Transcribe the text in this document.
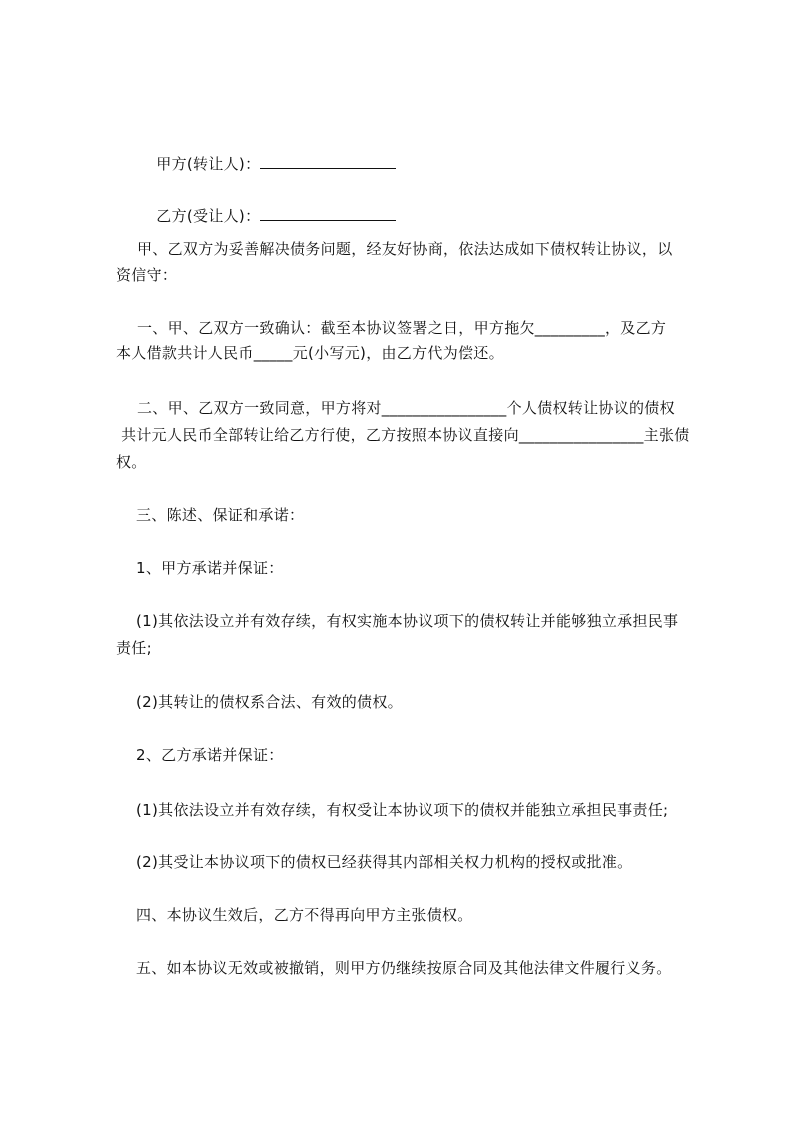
甲方(转让人)：

乙方(受让人)：

甲、乙双方为妥善解决债务问题，经友好协商，依法达成如下债权转让协议，以
资信守：
一、甲、乙双方一致确认：截至本协议签署之日，甲方拖欠_________，及乙方
本人借款共计人民币_____元(小写元)，由乙方代为偿还。
二、甲、乙双方一致同意，甲方将对________________个人债权转让协议的债权
共计元人民币全部转让给乙方行使，乙方按照本协议直接向________________主张债
权。
三、陈述、保证和承诺：
1、甲方承诺并保证：
(1)其依法设立并有效存续，有权实施本协议项下的债权转让并能够独立承担民事
责任;
(2)其转让的债权系合法、有效的债权。
2、乙方承诺并保证：
(1)其依法设立并有效存续，有权受让本协议项下的债权并能独立承担民事责任;
(2)其受让本协议项下的债权已经获得其内部相关权力机构的授权或批准。
四、本协议生效后，乙方不得再向甲方主张债权。
五、如本协议无效或被撤销，则甲方仍继续按原合同及其他法律文件履行义务。
